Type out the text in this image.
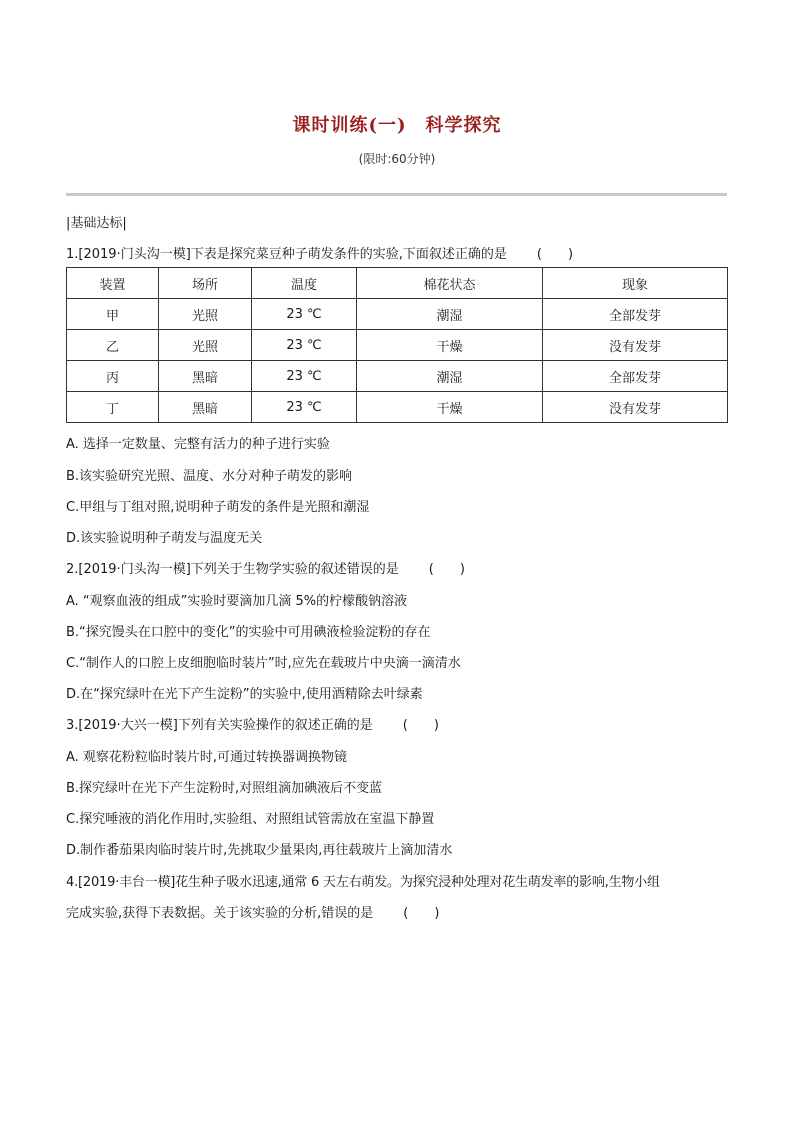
课时训练(一)　科学探究
(限时:60分钟)
|基础达标|
1.[2019·门头沟一模]下表是探究菜豆种子萌发条件的实验,下面叙述正确的是 (　　)
装置	场所	温度	棉花状态	现象
甲	光照	23 ℃	潮湿	全部发芽
乙	光照	23 ℃	干燥	没有发芽
丙	黑暗	23 ℃	潮湿	全部发芽
丁	黑暗	23 ℃	干燥	没有发芽
A. 选择一定数量、完整有活力的种子进行实验
B.该实验研究光照、温度、水分对种子萌发的影响
C.甲组与丁组对照,说明种子萌发的条件是光照和潮湿
D.该实验说明种子萌发与温度无关
2.[2019·门头沟一模]下列关于生物学实验的叙述错误的是 (　　)
A. “观察血液的组成”实验时要滴加几滴 5%的柠檬酸钠溶液
B.“探究馒头在口腔中的变化”的实验中可用碘液检验淀粉的存在
C.“制作人的口腔上皮细胞临时装片”时,应先在载玻片中央滴一滴清水
D.在“探究绿叶在光下产生淀粉”的实验中,使用酒精除去叶绿素
3.[2019·大兴一模]下列有关实验操作的叙述正确的是 (　　)
A. 观察花粉粒临时装片时,可通过转换器调换物镜
B.探究绿叶在光下产生淀粉时,对照组滴加碘液后不变蓝
C.探究唾液的消化作用时,实验组、对照组试管需放在室温下静置
D.制作番茄果肉临时装片时,先挑取少量果肉,再往载玻片上滴加清水
4.[2019·丰台一模]花生种子吸水迅速,通常 6 天左右萌发。为探究浸种处理对花生萌发率的影响,生物小组
完成实验,获得下表数据。关于该实验的分析,错误的是 (　　)
